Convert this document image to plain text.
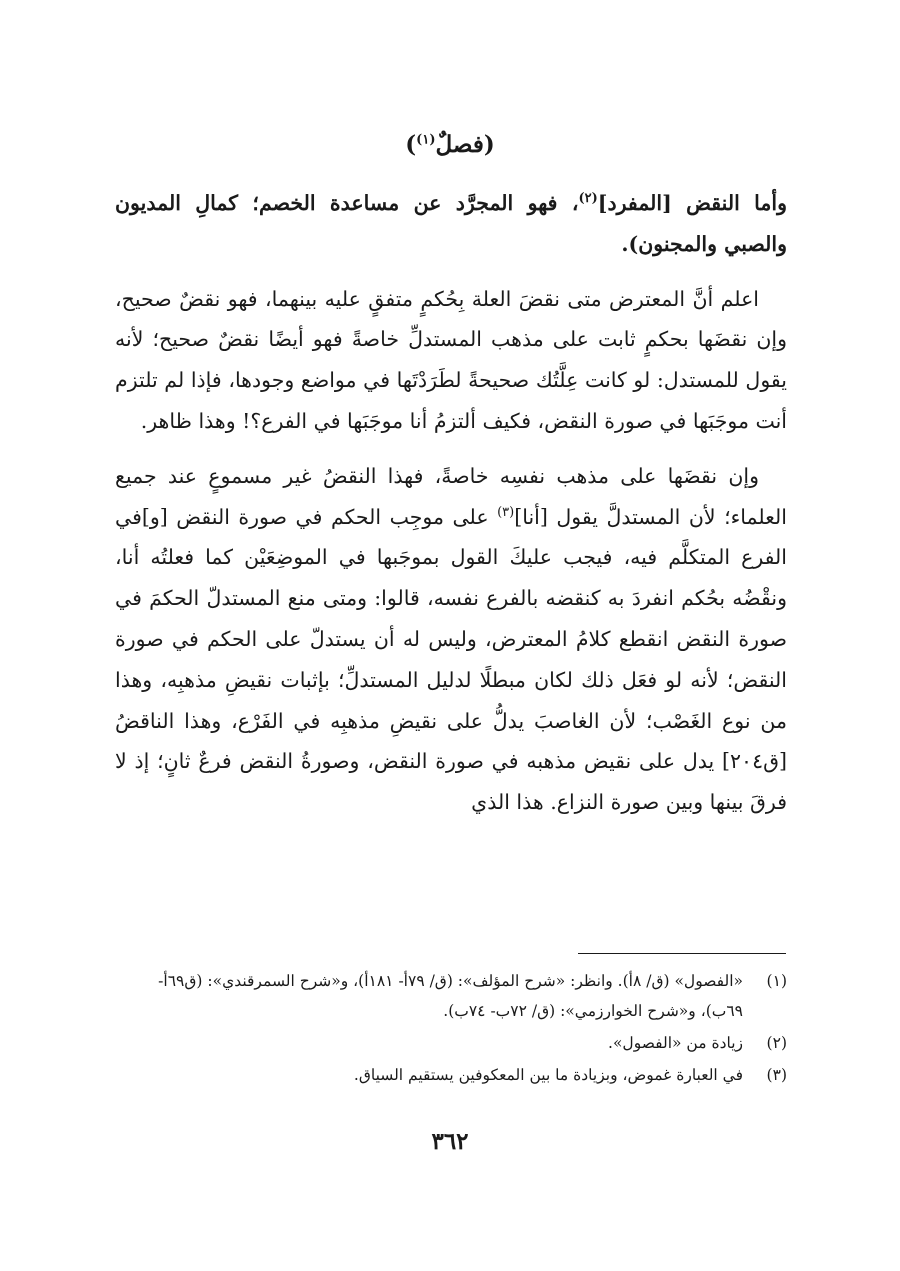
(فصلٌ$^{(١)}$)

وأما النقض [المفرد]$^{(٢)}$، فهو المجرَّد عن مساعدة الخصم؛ كمالِ المديون والصبي والمجنون).

اعلم أنَّ المعترض متى نقضَ العلة بِحُكمٍ متفقٍ عليه بينهما، فهو نقضٌ صحيح، وإن نقضَها بحكمٍ ثابت على مذهب المستدلِّ خاصةً فهو أيضًا نقضٌ صحيح؛ لأنه يقول للمستدل: لو كانت عِلَّتُك صحيحةً لطَرَدْتَها في مواضع وجودها، فإذا لم تلتزم أنت موجَبَها في صورة النقض، فكيف ألتزمُ أنا موجَبَها في الفرع؟! وهذا ظاهر.

وإن نقضَها على مذهب نفسِه خاصةً، فهذا النقضُ غير مسموعٍ عند جميع العلماء؛ لأن المستدلَّ يقول [أنا]$^{(٣)}$ على موجِب الحكم في صورة النقض [و]في الفرع المتكلَّم فيه، فيجب عليكَ القول بموجَبها في الموضِعَيْن كما فعلتُه أنا، ونقْضُه بحُكم انفردَ به كنقضه بالفرع نفسه، قالوا: ومتى منع المستدلّ الحكمَ في صورة النقض انقطع كلامُ المعترض، وليس له أن يستدلّ على الحكم في صورة النقض؛ لأنه لو فعَل ذلك لكان مبطلًا لدليل المستدلِّ؛ بإثبات نقيضِ مذهبِه، وهذا من نوع الغَصْب؛ لأن الغاصبَ يدلُّ على نقيضِ مذهبِه في الفَرْع، وهذا الناقضُ [ق٢٠٤] يدل على نقيض مذهبه في صورة النقض، وصورةُ النقض فرعٌ ثانٍ؛ إذ لا فرقَ بينها وبين صورة النزاع. هذا الذي

(١)
«الفصول» (ق/ ٨أ). وانظر: «شرح المؤلف»: (ق/ ٧٩أ- ١٨١أ)، و«شرح السمرقندي»: (ق٦٩أ- ٦٩ب)، و«شرح الخوارزمي»: (ق/ ٧٢ب- ٧٤ب).
(٢)
زيادة من «الفصول».
(٣)
في العبارة غموض، وبزيادة ما بين المعكوفين يستقيم السياق.
٣٦٢
